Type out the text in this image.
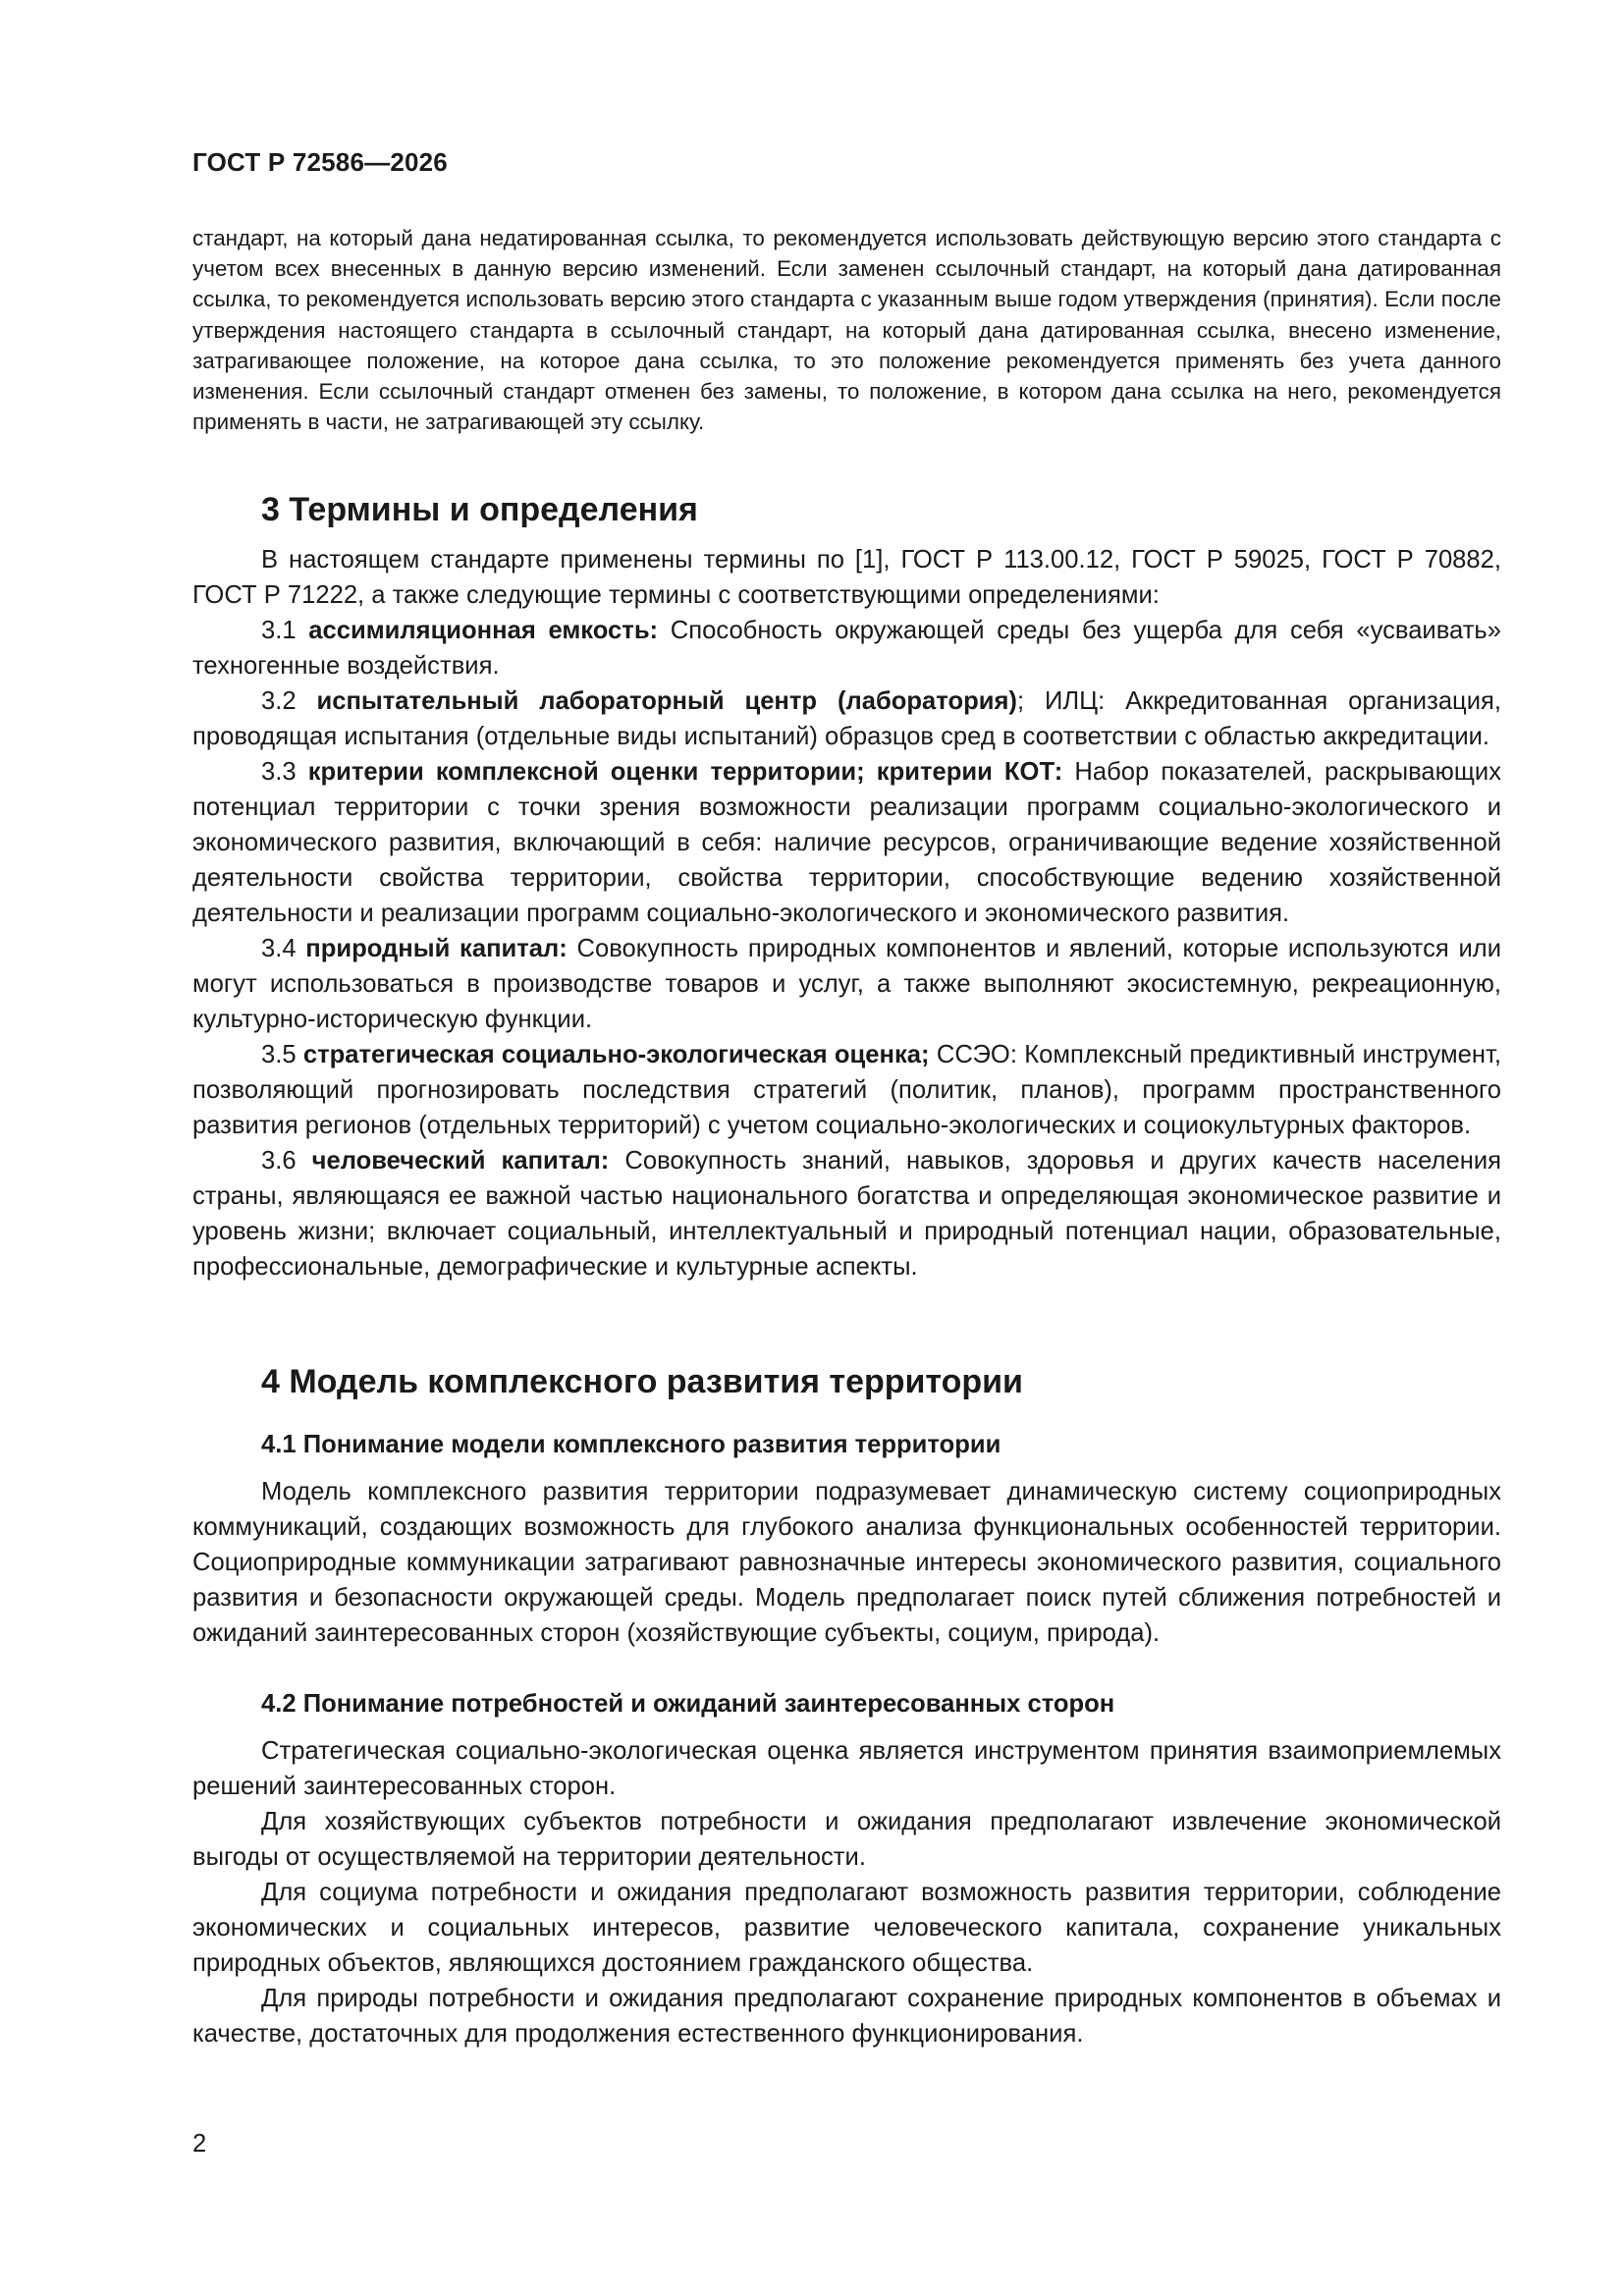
ГОСТ Р 72586—2026

стандарт, на который дана недатированная ссылка, то рекомендуется использовать действующую версию этого стандарта с учетом всех внесенных в данную версию изменений. Если заменен ссылочный стандарт, на который дана датированная ссылка, то рекомендуется использовать версию этого стандарта с указанным выше годом утверждения (принятия). Если после утверждения настоящего стандарта в ссылочный стандарт, на который дана датированная ссылка, внесено изменение, затрагивающее положение, на которое дана ссылка, то это положение рекомендуется применять без учета данного изменения. Если ссылочный стандарт отменен без замены, то положение, в котором дана ссылка на него, рекомендуется применять в части, не затрагивающей эту ссылку.

3 Термины и определения

В настоящем стандарте применены термины по [1], ГОСТ Р 113.00.12, ГОСТ Р 59025, ГОСТ Р 70882, ГОСТ Р 71222, а также следующие термины с соответствующими определениями:

3.1 ассимиляционная емкость: Способность окружающей среды без ущерба для себя «усваивать» техногенные воздействия.

3.2 испытательный лабораторный центр (лаборатория); ИЛЦ: Аккредитованная организация, проводящая испытания (отдельные виды испытаний) образцов сред в соответствии с областью аккредитации.

3.3 критерии комплексной оценки территории; критерии КОТ: Набор показателей, раскрывающих потенциал территории с точки зрения возможности реализации программ социально-экологического и экономического развития, включающий в себя: наличие ресурсов, ограничивающие ведение хозяйственной деятельности свойства территории, свойства территории, способствующие ведению хозяйственной деятельности и реализации программ социально-экологического и экономического развития.

3.4 природный капитал: Совокупность природных компонентов и явлений, которые используются или могут использоваться в производстве товаров и услуг, а также выполняют экосистемную, рекреационную, культурно-историческую функции.

3.5 стратегическая социально-экологическая оценка; ССЭО: Комплексный предиктивный инструмент, позволяющий прогнозировать последствия стратегий (политик, планов), программ пространственного развития регионов (отдельных территорий) с учетом социально-экологических и социокультурных факторов.

3.6 человеческий капитал: Совокупность знаний, навыков, здоровья и других качеств населения страны, являющаяся ее важной частью национального богатства и определяющая экономическое развитие и уровень жизни; включает социальный, интеллектуальный и природный потенциал нации, образовательные, профессиональные, демографические и культурные аспекты.

4 Модель комплексного развития территории
4.1 Понимание модели комплексного развития территории

Модель комплексного развития территории подразумевает динамическую систему социоприродных коммуникаций, создающих возможность для глубокого анализа функциональных особенностей территории. Социоприродные коммуникации затрагивают равнозначные интересы экономического развития, социального развития и безопасности окружающей среды. Модель предполагает поиск путей сближения потребностей и ожиданий заинтересованных сторон (хозяйствующие субъекты, социум, природа).

4.2 Понимание потребностей и ожиданий заинтересованных сторон

Стратегическая социально-экологическая оценка является инструментом принятия взаимоприемлемых решений заинтересованных сторон.

Для хозяйствующих субъектов потребности и ожидания предполагают извлечение экономической выгоды от осуществляемой на территории деятельности.

Для социума потребности и ожидания предполагают возможность развития территории, соблюдение экономических и социальных интересов, развитие человеческого капитала, сохранение уникальных природных объектов, являющихся достоянием гражданского общества.

Для природы потребности и ожидания предполагают сохранение природных компонентов в объемах и качестве, достаточных для продолжения естественного функционирования.

2
